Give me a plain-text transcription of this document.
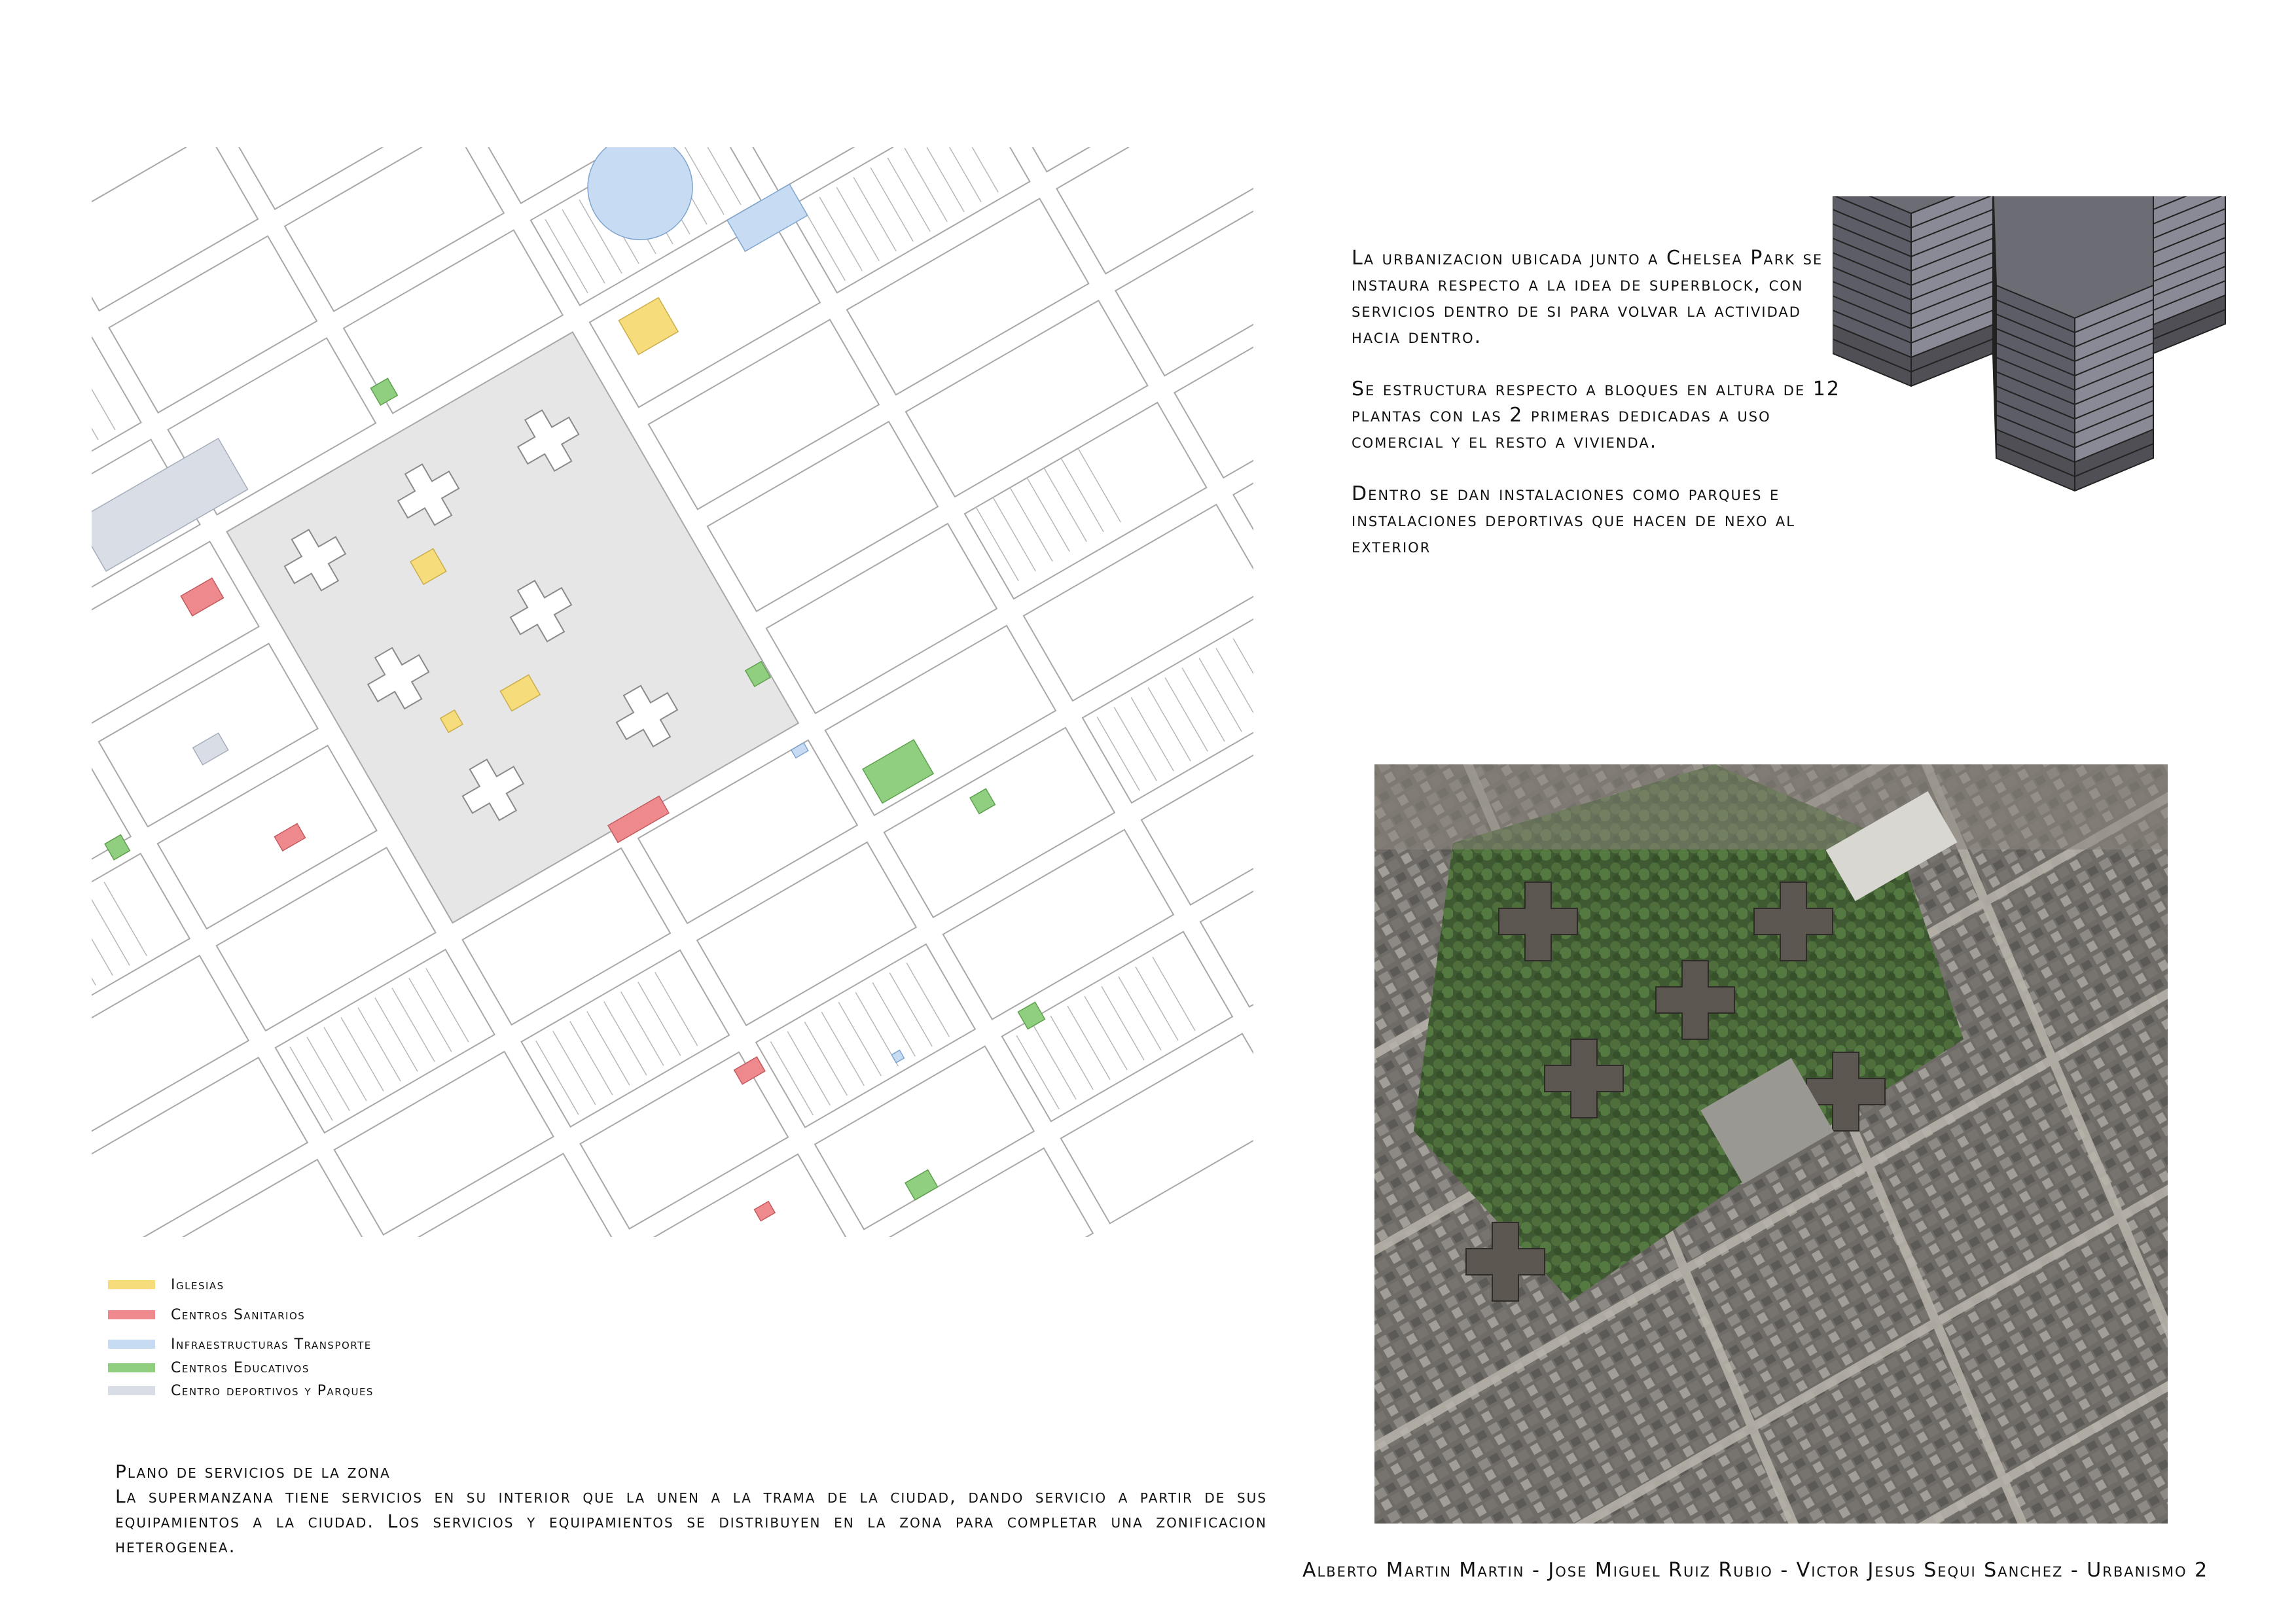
La urbanizacion ubicada junto a Chelsea Park se instaura respecto a la idea de superblock, con servicios dentro de si para volvar la actividad hacia dentro.

Se estructura respecto a bloques en altura de 12 plantas con las 2 primeras dedicadas a uso comercial y el resto a vivienda.

Dentro se dan instalaciones como parques e instalaciones deportivas que hacen de nexo al exterior

Iglesias
Centros Sanitarios
Infraestructuras Transporte
Centros Educativos
Centro deportivos y Parques

Plano de servicios de la zona

La supermanzana tiene servicios en su interior que la unen a la trama de la ciudad, dando servicio a partir de sus equipamientos a la ciudad. Los servicios y equipamientos se distribuyen en la zona para completar una zonificacion heterogenea.

Alberto Martin Martin - Jose Miguel Ruiz Rubio - Victor Jesus Sequi Sanchez - Urbanismo 2
